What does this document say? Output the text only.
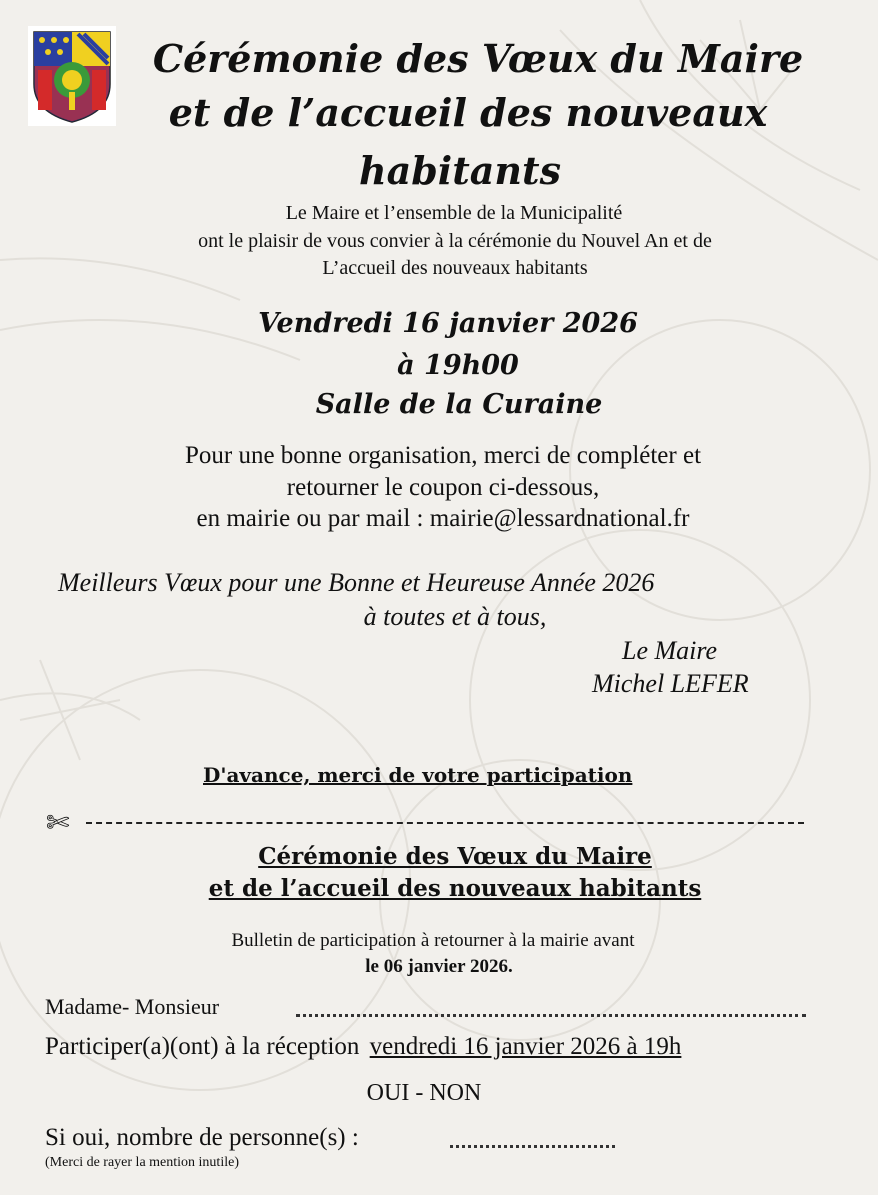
Cérémonie des Vœux du Maire
et de l’accueil des nouveaux
habitants
Le Maire et l’ensemble de la Municipalité
ont le plaisir de vous convier à la cérémonie du Nouvel An et de
L’accueil des nouveaux habitants
Vendredi 16 janvier 2026
à 19h00
Salle de la Curaine
Pour une bonne organisation, merci de compléter et
retourner le coupon ci-dessous,
en mairie ou par mail : mairie@lessardnational.fr
Meilleurs Vœux pour une Bonne et Heureuse Année 2026
à toutes et à tous,
Le Maire
Michel LEFER
D'avance, merci de votre participation
✄
Cérémonie des Vœux du Maire
et de l’accueil des nouveaux habitants
Bulletin de participation à retourner à la mairie avant
le 06 janvier 2026.
Madame- Monsieur
Participer(a)(ont) à la réception vendredi 16 janvier 2026 à 19h
OUI - NON
Si oui, nombre de personne(s) :
(Merci de rayer la mention inutile)
